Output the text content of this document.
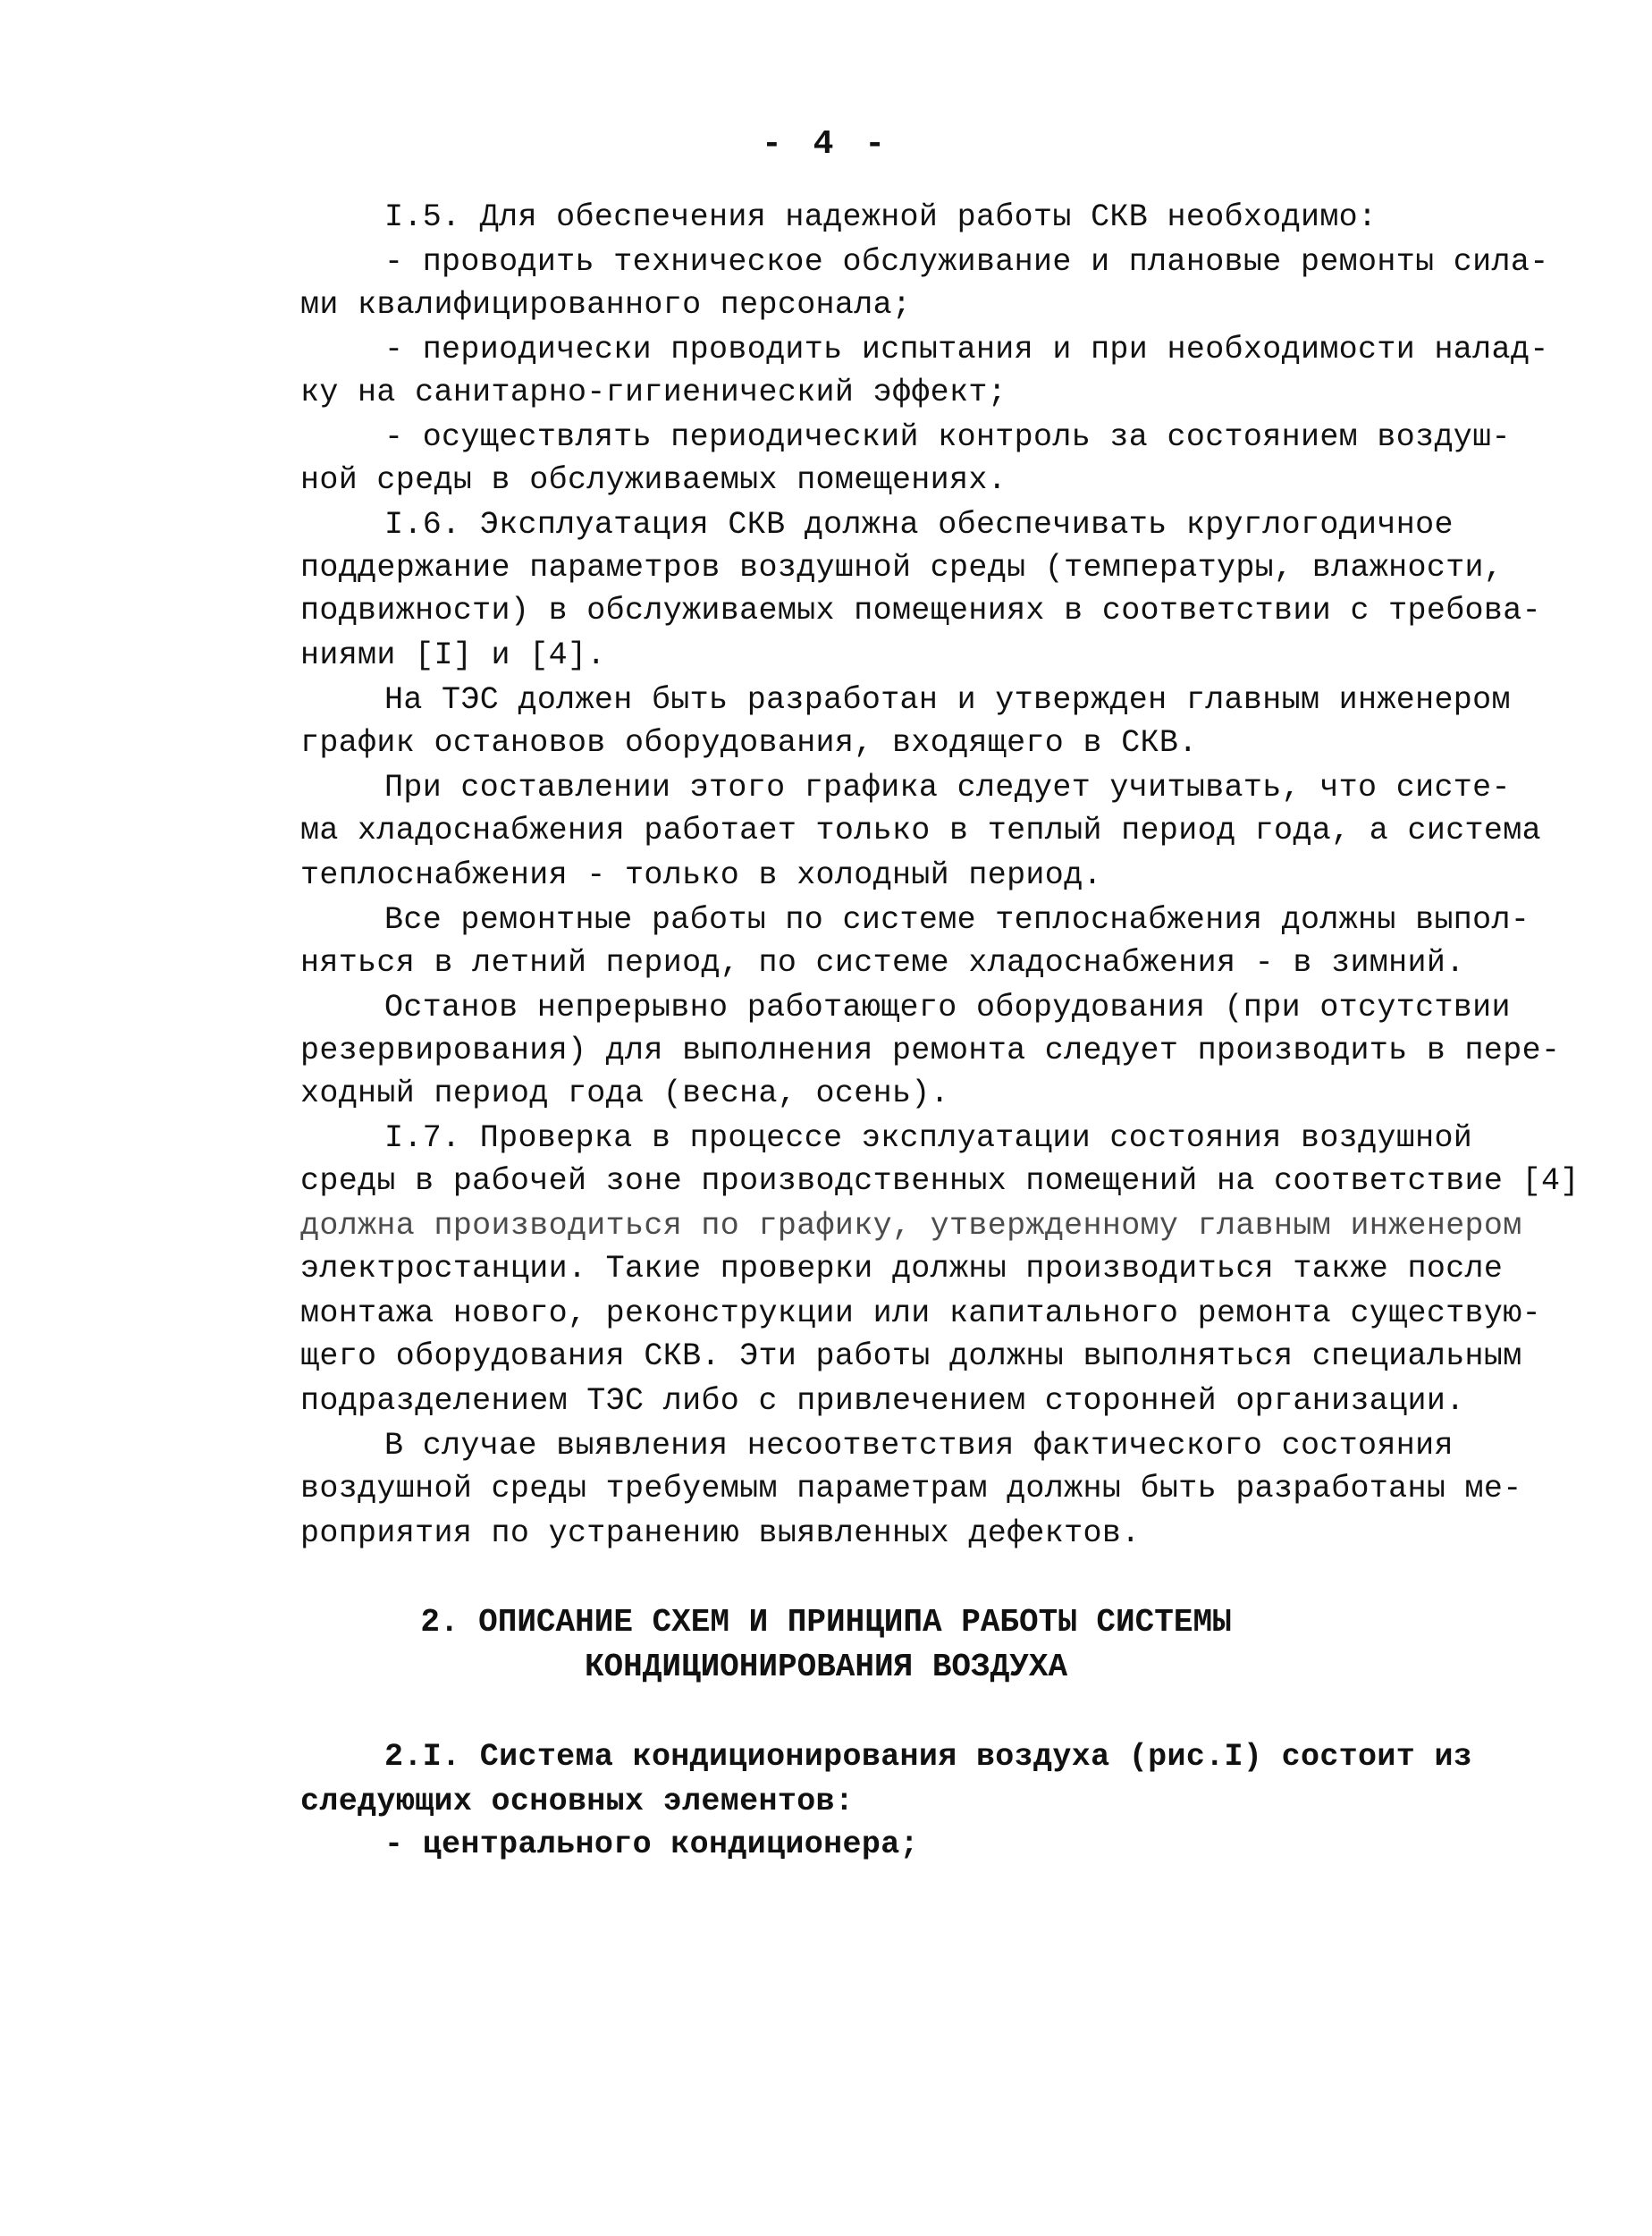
- 4 -
I.5. Для обеспечения надежной работы СКВ необходимо:
- проводить техническое обслуживание и плановые ремонты сила-
ми квалифицированного персонала;
- периодически проводить испытания и при необходимости налад-
ку на санитарно-гигиенический эффект;
- осуществлять периодический контроль за состоянием воздуш-
ной среды в обслуживаемых помещениях.
I.6. Эксплуатация СКВ должна обеспечивать круглогодичное
поддержание параметров воздушной среды (температуры, влажности,
подвижности) в обслуживаемых помещениях в соответствии с требова-
ниями [I] и [4].
На ТЭС должен быть разработан и утвержден главным инженером
график остановов оборудования, входящего в СКВ.
При составлении этого графика следует учитывать, что систе-
ма хладоснабжения работает только в теплый период года, а система
теплоснабжения - только в холодный период.
Все ремонтные работы по системе теплоснабжения должны выпол-
няться в летний период, по системе хладоснабжения - в зимний.
Останов непрерывно работающего оборудования (при отсутствии
резервирования) для выполнения ремонта следует производить в пере-
ходный период года (весна, осень).
I.7. Проверка в процессе эксплуатации состояния воздушной
среды в рабочей зоне производственных помещений на соответствие [4]
должна производиться по графику, утвержденному главным инженером
электростанции. Такие проверки должны производиться также после
монтажа нового, реконструкции или капитального ремонта существую-
щего оборудования СКВ. Эти работы должны выполняться специальным
подразделением ТЭС либо с привлечением сторонней организации.
В случае выявления несоответствия фактического состояния
воздушной среды требуемым параметрам должны быть разработаны ме-
роприятия по устранению выявленных дефектов.
2. ОПИСАНИЕ СХЕМ И ПРИНЦИПА РАБОТЫ СИСТЕМЫ
КОНДИЦИОНИРОВАНИЯ ВОЗДУХА
2.I. Система кондиционирования воздуха (рис.I) состоит из
следующих основных элементов:
- центрального кондиционера;
